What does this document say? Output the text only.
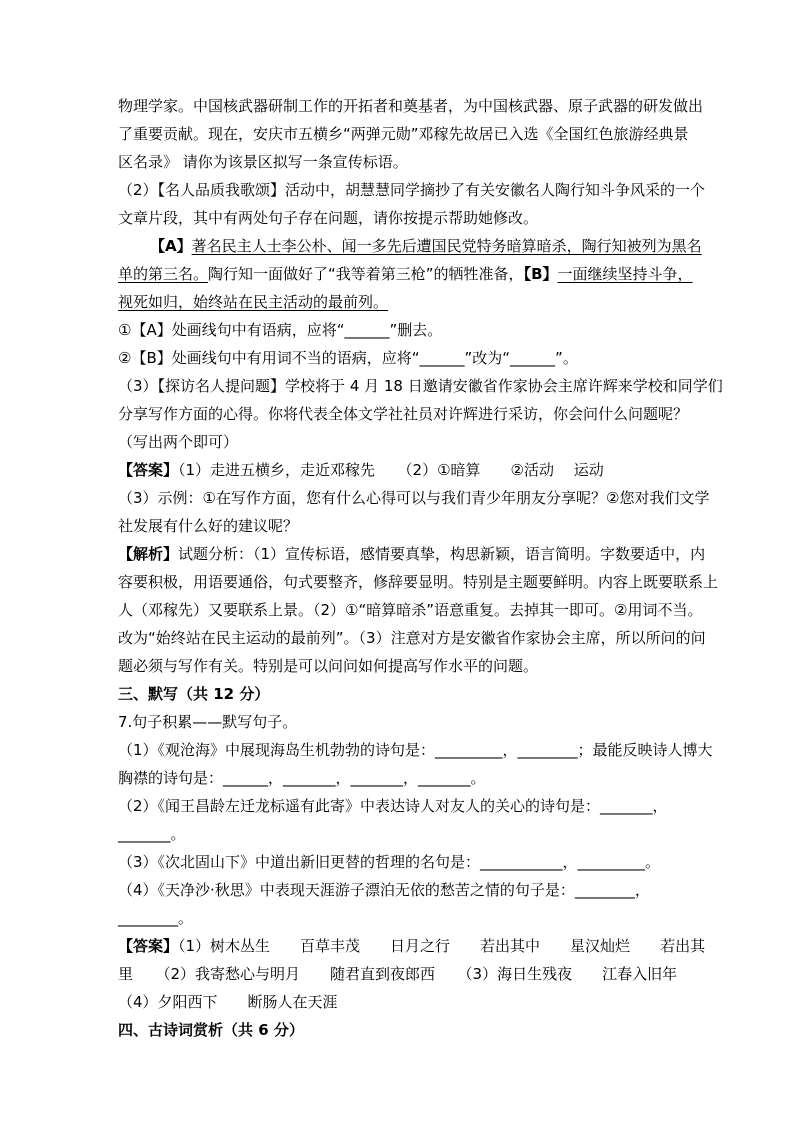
物理学家。中国核武器研制工作的开拓者和奠基者，为中国核武器、原子武器的研发做出
了重要贡献。现在，安庆市五横乡“两弹元勋”邓稼先故居已入选《全国红色旅游经典景
区名录》 请你为该景区拟写一条宣传标语。
（2）【名人品质我歌颂】活动中，胡慧慧同学摘抄了有关安徽名人陶行知斗争风采的一个
文章片段，其中有两处句子存在问题，请你按提示帮助她修改。
【A】著名民主人士李公朴、闻一多先后遭国民党特务暗算暗杀，陶行知被列为黑名
单的第三名。陶行知一面做好了“我等着第三枪”的牺牲准备，【B】一面继续坚持斗争，
视死如归，始终站在民主活动的最前列。
①【A】处画线句中有语病，应将“______”删去。
②【B】处画线句中有用词不当的语病，应将“______”改为“______”。
（3）【探访名人提问题】学校将于 4 月 18 日邀请安徽省作家协会主席许辉来学校和同学们
分享写作方面的心得。你将代表全体文学社社员对许辉进行采访，你会问什么问题呢？
（写出两个即可）
【答案】（1）走进五横乡，走近邓稼先　　（2）①暗算　　②活动　 运动
（3）示例：①在写作方面，您有什么心得可以与我们青少年朋友分享呢？②您对我们文学
社发展有什么好的建议呢？
【解析】试题分析：（1）宣传标语，感情要真挚，构思新颖，语言简明。字数要适中，内
容要积极，用语要通俗，句式要整齐，修辞要显明。特别是主题要鲜明。内容上既要联系上
人（邓稼先）又要联系上景。（2）①“暗算暗杀”语意重复。去掉其一即可。②用词不当。
改为“始终站在民主运动的最前列”。（3）注意对方是安徽省作家协会主席，所以所问的问
题必须与写作有关。特别是可以问问如何提高写作水平的问题。
三、默写（共 12 分）
7.句子积累——默写句子。
（1）《观沧海》中展现海岛生机勃勃的诗句是：_________，________；最能反映诗人博大
胸襟的诗句是：______，_______，_______，_______。
（2）《闻王昌龄左迁龙标遥有此寄》中表达诗人对友人的关心的诗句是：_______，
_______。
（3）《次北固山下》中道出新旧更替的哲理的名句是：___________，_________。
（4）《天净沙·秋思》中表现天涯游子漂泊无依的愁苦之情的句子是：________，
________。
【答案】（1）树木丛生　　百草丰茂　　日月之行　　若出其中　　星汉灿烂　　若出其
里　　（2）我寄愁心与明月　　随君直到夜郎西　　（3）海日生残夜　　江春入旧年
（4）夕阳西下　　断肠人在天涯
四、古诗词赏析（共 6 分）
